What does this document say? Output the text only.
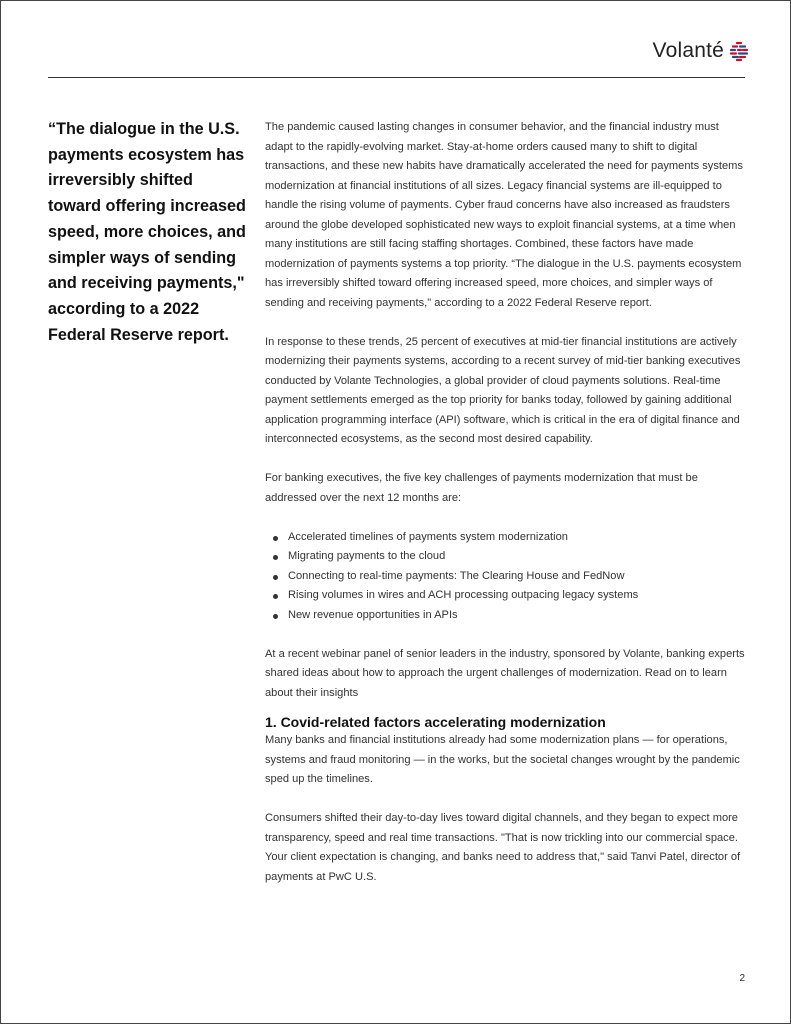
Volanté
“The dialogue in the U.S. payments ecosystem has irreversibly shifted toward offering increased speed, more choices, and simpler ways of sending and receiving payments," according to a 2022 Federal Reserve report.

The pandemic caused lasting changes in consumer behavior, and the financial industry must adapt to the rapidly-evolving market. Stay-at-home orders caused many to shift to digital transactions, and these new habits have dramatically accelerated the need for payments systems modernization at financial institutions of all sizes. Legacy financial systems are ill-equipped to handle the rising volume of payments. Cyber fraud concerns have also increased as fraudsters around the globe developed sophisticated new ways to exploit financial systems, at a time when many institutions are still facing staffing shortages. Combined, these factors have made modernization of payments systems a top priority. “The dialogue in the U.S. payments ecosystem has irreversibly shifted toward offering increased speed, more choices, and simpler ways of sending and receiving payments," according to a 2022 Federal Reserve report.

In response to these trends, 25 percent of executives at mid-tier financial institutions are actively modernizing their payments systems, according to a recent survey of mid-tier banking executives conducted by Volante Technologies, a global provider of cloud payments solutions. Real-time payment settlements emerged as the top priority for banks today, followed by gaining additional application programming interface (API) software, which is critical in the era of digital finance and interconnected ecosystems, as the second most desired capability.

For banking executives, the five key challenges of payments modernization that must be addressed over the next 12 months are:

Accelerated timelines of payments system modernization
Migrating payments to the cloud
Connecting to real-time payments: The Clearing House and FedNow
Rising volumes in wires and ACH processing outpacing legacy systems
New revenue opportunities in APIs

At a recent webinar panel of senior leaders in the industry, sponsored by Volante, banking experts shared ideas about how to approach the urgent challenges of modernization. Read on to learn about their insights

1. Covid-related factors accelerating modernization

Many banks and financial institutions already had some modernization plans — for operations, systems and fraud monitoring — in the works, but the societal changes wrought by the pandemic sped up the timelines.

Consumers shifted their day-to-day lives toward digital channels, and they began to expect more transparency, speed and real time transactions. "That is now trickling into our commercial space. Your client expectation is changing, and banks need to address that," said Tanvi Patel, director of payments at PwC U.S.

2
